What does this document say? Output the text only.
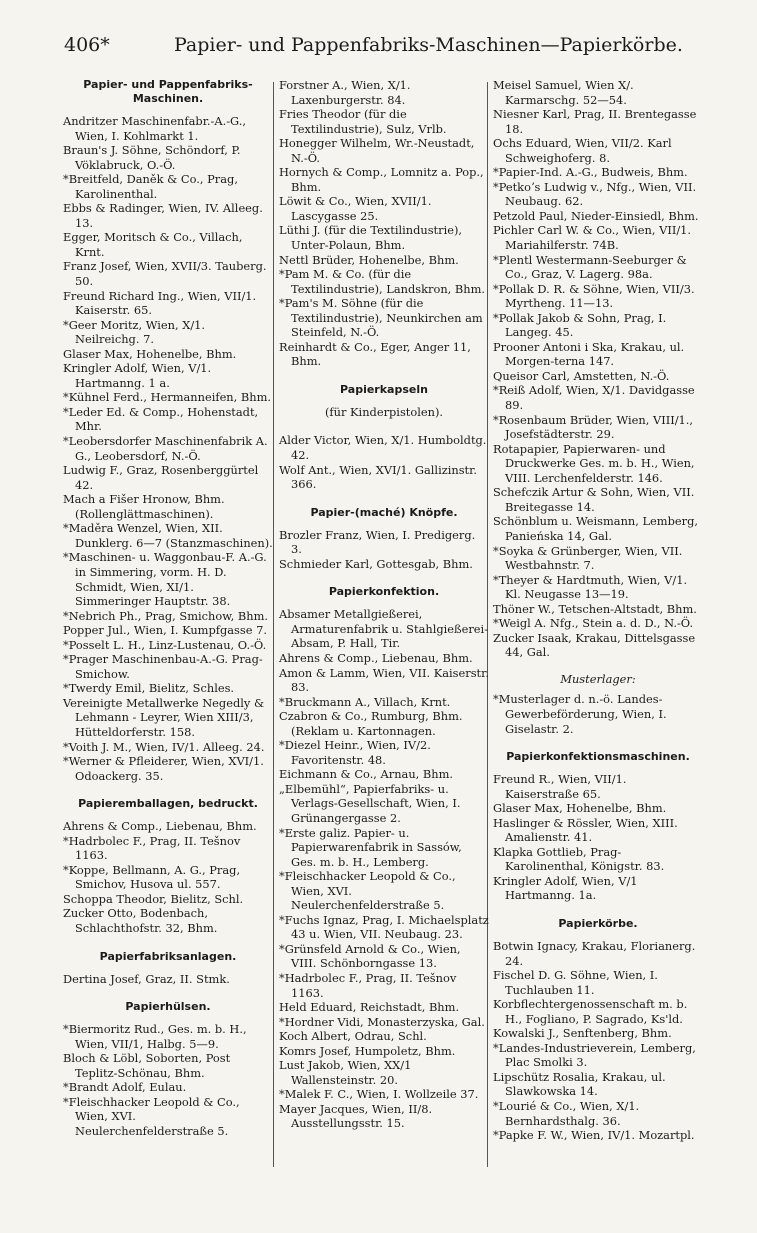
406*	Papier- und Pappenfabriks-Maschinen—Papierkörbe.
Papier- und Pappenfabriks-Maschinen.
Andritzer Maschinenfabr.-A.-G., Wien, I. Kohlmarkt 1.
Braun's J. Söhne, Schöndorf, P. Vöklabruck, O.-Ö.
*Breitfeld, Daněk & Co., Prag, Karolinenthal.
Ebbs & Radinger, Wien, IV. Alleeg. 13.
Egger, Moritsch & Co., Villach, Krnt.
Franz Josef, Wien, XVII/3. Tauberg. 50.
Freund Richard Ing., Wien, VII/1. Kaiserstr. 65.
*Geer Moritz, Wien, X/1. Neilreichg. 7.
Glaser Max, Hohenelbe, Bhm.
Kringler Adolf, Wien, V/1. Hartmanng. 1 a.
*Kühnel Ferd., Hermanneifen, Bhm.
*Leder Ed. & Comp., Hohenstadt, Mhr.
*Leobersdorfer Maschinenfabrik A. G., Leobersdorf, N.-Ö.
Ludwig F., Graz, Rosenberggürtel 42.
Mach a Fišer Hronow, Bhm. (Rollenglättmaschinen).
*Maděra Wenzel, Wien, XII. Dunklerg. 6—7 (Stanzmaschinen).
*Maschinen- u. Waggonbau-F. A.-G. in Simmering, vorm. H. D. Schmidt, Wien, XI/1. Simmeringer Hauptstr. 38.
*Nebrich Ph., Prag, Smichow, Bhm.
Popper Jul., Wien, I. Kumpfgasse 7.
*Posselt L. H., Linz-Lustenau, O.-Ö.
*Prager Maschinenbau-A.-G. Prag-Smichow.
*Twerdy Emil, Bielitz, Schles.
Vereinigte Metallwerke Negedly & Lehmann - Leyrer, Wien XIII/3, Hütteldorferstr. 158.
*Voith J. M., Wien, IV/1. Alleeg. 24.
*Werner & Pfleiderer, Wien, XVI/1. Odoackerg. 35.
Papieremballagen, bedruckt.
Ahrens & Comp., Liebenau, Bhm.
*Hadrbolec F., Prag, II. Tešnov 1163.
*Koppe, Bellmann, A. G., Prag, Smichov, Husova ul. 557.
Schoppa Theodor, Bielitz, Schl.
Zucker Otto, Bodenbach, Schlachthofstr. 32, Bhm.
Papierfabriksanlagen.
Dertina Josef, Graz, II. Stmk.
Papierhülsen.
*Biermoritz Rud., Ges. m. b. H., Wien, VII/1, Halbg. 5—9.
Bloch & Löbl, Soborten, Post Teplitz-Schönau, Bhm.
*Brandt Adolf, Eulau.
*Fleischhacker Leopold & Co., Wien, XVI. Neulerchenfelderstraße 5.
Forstner A., Wien, X/1. Laxenburgerstr. 84.
Fries Theodor (für die Textilindustrie), Sulz, Vrlb.
Honegger Wilhelm, Wr.-Neustadt, N.-Ö.
Hornych & Comp., Lomnitz a. Pop., Bhm.
Löwit & Co., Wien, XVII/1. Lascygasse 25.
Lüthi J. (für die Textilindustrie), Unter-Polaun, Bhm.
Nettl Brüder, Hohenelbe, Bhm.
*Pam M. & Co. (für die Textilindustrie), Landskron, Bhm.
*Pam's M. Söhne (für die Textilindustrie), Neunkirchen am Steinfeld, N.-Ö.
Reinhardt & Co., Eger, Anger 11, Bhm.
Papierkapseln
(für Kinderpistolen).
Alder Victor, Wien, X/1. Humboldtg. 42.
Wolf Ant., Wien, XVI/1. Gallizinstr. 366.
Papier-(maché) Knöpfe.
Brozler Franz, Wien, I. Predigerg. 3.
Schmieder Karl, Gottesgab, Bhm.
Papierkonfektion.
Absamer Metallgießerei, Armaturenfabrik u. Stahlgießerei-Absam, P. Hall, Tir.
Ahrens & Comp., Liebenau, Bhm.
Amon & Lamm, Wien, VII. Kaiserstr. 83.
*Bruckmann A., Villach, Krnt.
Czabron & Co., Rumburg, Bhm. (Reklam u. Kartonnagen.
*Diezel Heinr., Wien, IV/2. Favoritenstr. 48.
Eichmann & Co., Arnau, Bhm.
„Elbemühl“, Papierfabriks- u. Verlags-Gesellschaft, Wien, I. Grünangergasse 2.
*Erste galiz. Papier- u. Papierwarenfabrik in Sassów, Ges. m. b. H., Lemberg.
*Fleischhacker Leopold & Co., Wien, XVI. Neulerchenfelderstraße 5.
*Fuchs Ignaz, Prag, I. Michaelsplatz 43 u. Wien, VII. Neubaug. 23.
*Grünsfeld Arnold & Co., Wien, VIII. Schönborngasse 13.
*Hadrbolec F., Prag, II. Tešnov 1163.
Held Eduard, Reichstadt, Bhm.
*Hordner Vidi, Monasterzyska, Gal.
Koch Albert, Odrau, Schl.
Komrs Josef, Humpoletz, Bhm.
Lust Jakob, Wien, XX/1 Wallensteinstr. 20.
*Malek F. C., Wien, I. Wollzeile 37.
Mayer Jacques, Wien, II/8. Ausstellungsstr. 15.
Meisel Samuel, Wien X/. Karmarschg. 52—54.
Niesner Karl, Prag, II. Brentegasse 18.
Ochs Eduard, Wien, VII/2. Karl Schweighoferg. 8.
*Papier-Ind. A.-G., Budweis, Bhm.
*Petkoʼs Ludwig v., Nfg., Wien, VII. Neubaug. 62.
Petzold Paul, Nieder-Einsiedl, Bhm.
Pichler Carl W. & Co., Wien, VII/1. Mariahilferstr. 74B.
*Plentl Westermann-Seeburger & Co., Graz, V. Lagerg. 98a.
*Pollak D. R. & Söhne, Wien, VII/3. Myrtheng. 11—13.
*Pollak Jakob & Sohn, Prag, I. Langeg. 45.
Prooner Antoni i Ska, Krakau, ul. Morgen-terna 147.
Queisor Carl, Amstetten, N.-Ö.
*Reiß Adolf, Wien, X/1. Davidgasse 89.
*Rosenbaum Brüder, Wien, VIII/1., Josefstädterstr. 29.
Rotapapier, Papierwaren- und Druckwerke Ges. m. b. H., Wien, VIII. Lerchenfelderstr. 146.
Schefczik Artur & Sohn, Wien, VII. Breitegasse 14.
Schönblum u. Weismann, Lemberg, Panieńska 14, Gal.
*Soyka & Grünberger, Wien, VII. Westbahnstr. 7.
*Theyer & Hardtmuth, Wien, V/1. Kl. Neugasse 13—19.
Thöner W., Tetschen-Altstadt, Bhm.
*Weigl A. Nfg., Stein a. d. D., N.-Ö.
Zucker Isaak, Krakau, Dittelsgasse 44, Gal.
Musterlager:
*Musterlager d. n.-ö. Landes-Gewerbeförderung, Wien, I. Giselastr. 2.
Papierkonfektionsmaschinen.
Freund R., Wien, VII/1. Kaiserstraße 65.
Glaser Max, Hohenelbe, Bhm.
Haslinger & Rössler, Wien, XIII. Amalienstr. 41.
Klapka Gottlieb, Prag-Karolinenthal, Königstr. 83.
Kringler Adolf, Wien, V/1 Hartmanng. 1a.
Papierkörbe.
Botwin Ignacy, Krakau, Florianerg. 24.
Fischel D. G. Söhne, Wien, I. Tuchlauben 11.
Korbflechtergenossenschaft m. b. H., Fogliano, P. Sagrado, Ks'ld.
Kowalski J., Senftenberg, Bhm.
*Landes-Industrieverein, Lemberg, Plac Smolki 3.
Lipschütz Rosalia, Krakau, ul. Slawkowska 14.
*Lourié & Co., Wien, X/1. Bernhardsthalg. 36.
*Papke F. W., Wien, IV/1. Mozartpl.
